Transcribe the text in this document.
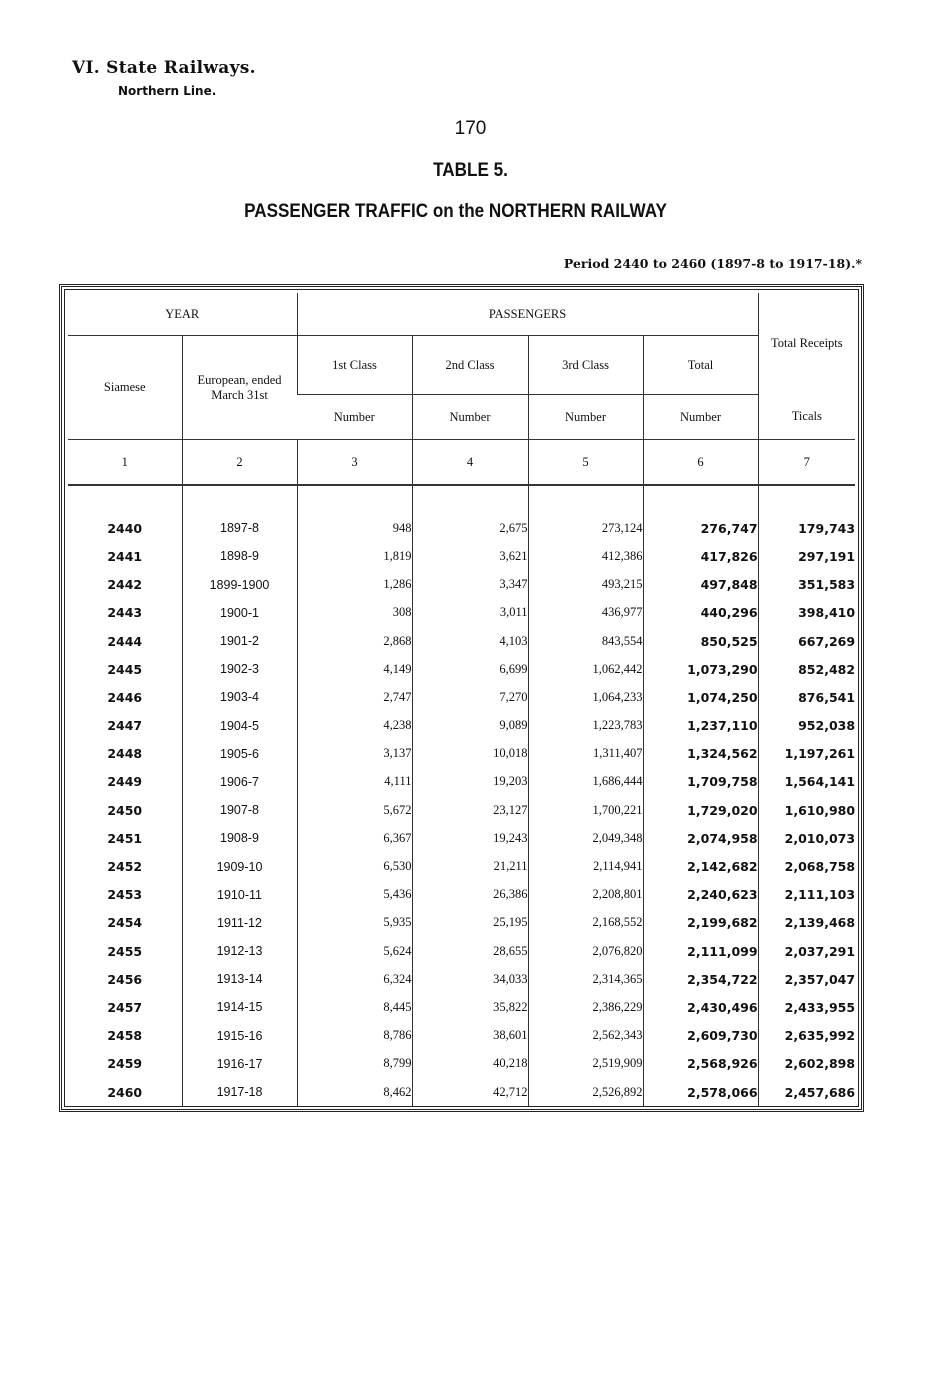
VI. State Railways.
Northern Line.
170
TABLE 5.
PASSENGER TRAFFIC on the NORTHERN RAILWAY
Period 2440 to 2460 (1897-8 to 1917-18).*
YEAR		PASSENGERS				Total Receipts
Siamese	European, ended March 31st	1st Class	2nd Class	3rd Class	Total	
		Number	Number	Number	Number	Ticals
1	2	3	4	5	6	7

2440	1897-8	948	2,675	273,124	276,747	179,743
2441	1898-9	1,819	3,621	412,386	417,826	297,191
2442	1899-1900	1,286	3,347	493,215	497,848	351,583
2443	1900-1	308	3,011	436,977	440,296	398,410
2444	1901-2	2,868	4,103	843,554	850,525	667,269
2445	1902-3	4,149	6,699	1,062,442	1,073,290	852,482
2446	1903-4	2,747	7,270	1,064,233	1,074,250	876,541
2447	1904-5	4,238	9,089	1,223,783	1,237,110	952,038
2448	1905-6	3,137	10,018	1,311,407	1,324,562	1,197,261
2449	1906-7	4,111	19,203	1,686,444	1,709,758	1,564,141
2450	1907-8	5,672	23,127	1,700,221	1,729,020	1,610,980
2451	1908-9	6,367	19,243	2,049,348	2,074,958	2,010,073
2452	1909-10	6,530	21,211	2,114,941	2,142,682	2,068,758
2453	1910-11	5,436	26,386	2,208,801	2,240,623	2,111,103
2454	1911-12	5,935	25,195	2,168,552	2,199,682	2,139,468
2455	1912-13	5,624	28,655	2,076,820	2,111,099	2,037,291
2456	1913-14	6,324	34,033	2,314,365	2,354,722	2,357,047
2457	1914-15	8,445	35,822	2,386,229	2,430,496	2,433,955
2458	1915-16	8,786	38,601	2,562,343	2,609,730	2,635,992
2459	1916-17	8,799	40,218	2,519,909	2,568,926	2,602,898
2460	1917-18	8,462	42,712	2,526,892	2,578,066	2,457,686
